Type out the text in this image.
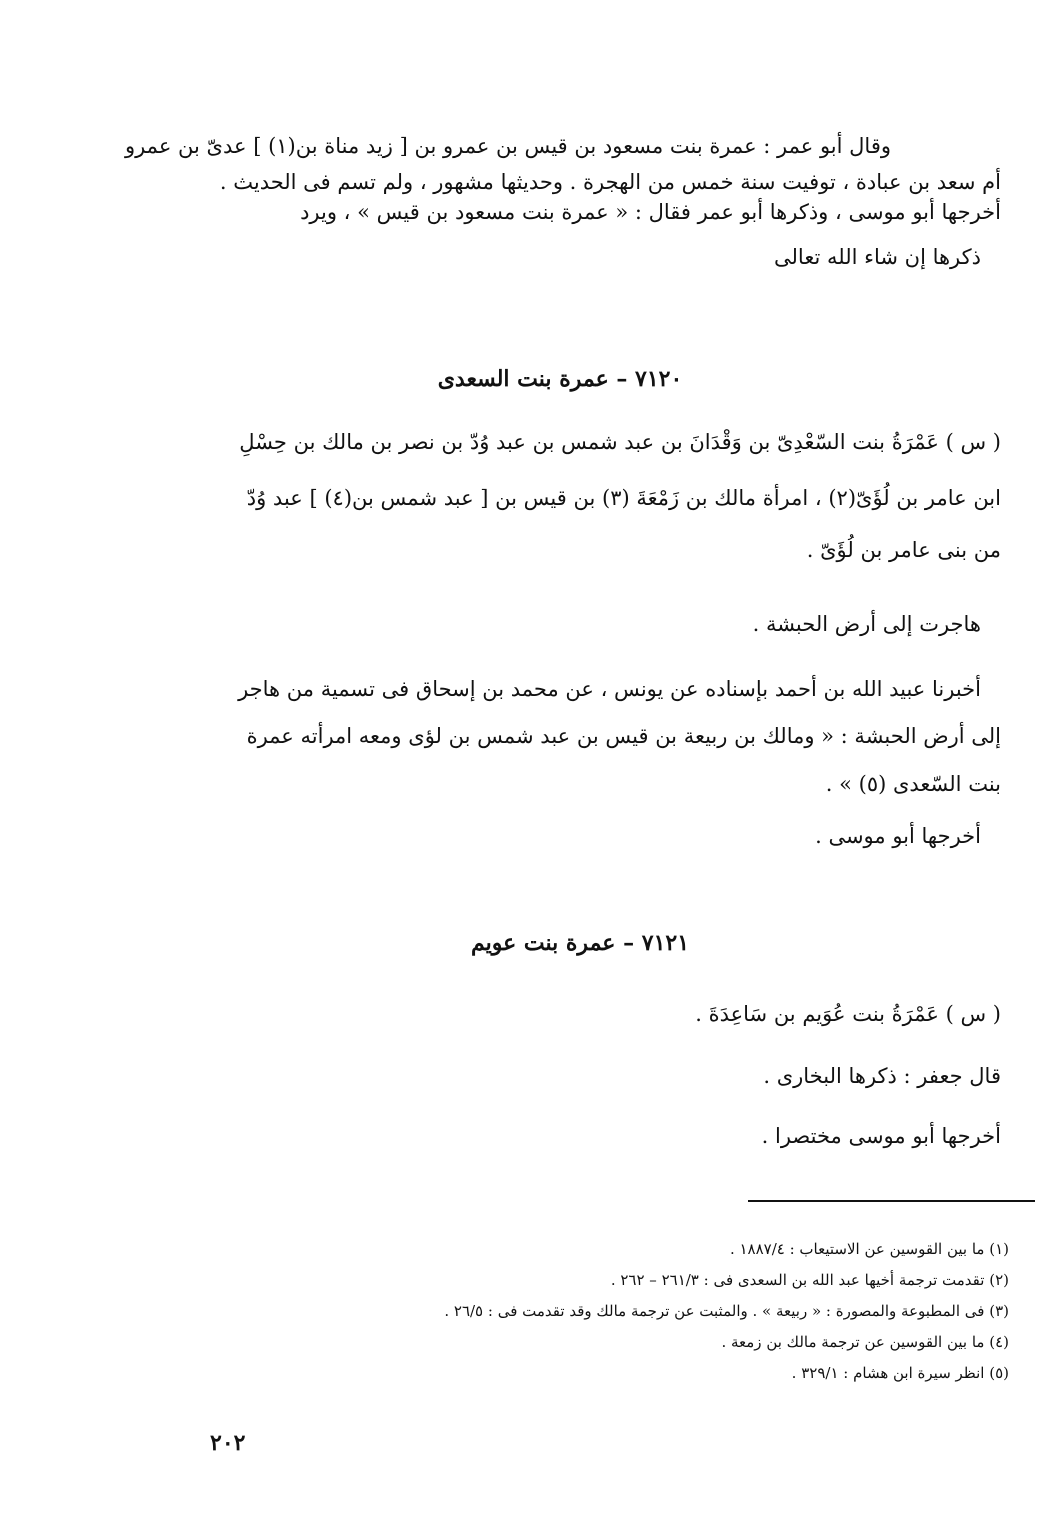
وقال أبو عمر : عمرة بنت مسعود بن قيس بن عمرو بن [ زيد مناة بن(١) ] عدىّ بن عمرو
أم سعد بن عبادة ، توفيت سنة خمس من الهجرة . وحديثها مشهور ، ولم تسم فى الحديث .
أخرجها أبو موسى ، وذكرها أبو عمر فقال : « عمرة بنت مسعود بن قيس » ، ويرد
ذكرها إن شاء الله تعالى
٧١٢٠ – عمرة بنت السعدى
( س ) عَمْرَةُ بنت السّعْدِىّ بن وَقْدَانَ بن عبد شمس بن عبد وُدّ بن نصر بن مالك بن حِسْلِ
ابن عامر بن لُؤَىّ(٢) ، امرأة مالك بن زَمْعَةَ (٣) بن قيس بن [ عبد شمس بن(٤) ] عبد وُدّ
من بنى عامر بن لُؤَىّ .
هاجرت إلى أرض الحبشة .
أخبرنا عبيد الله بن أحمد بإسناده عن يونس ، عن محمد بن إسحاق فى تسمية من هاجر
إلى أرض الحبشة : « ومالك بن ربيعة بن قيس بن عبد شمس بن لؤى ومعه امرأته عمرة
بنت السّعدى (٥) » .
أخرجها أبو موسى .
٧١٢١ – عمرة بنت عويم
( س ) عَمْرَةُ بنت عُوَيم بن سَاعِدَةَ .
قال جعفر : ذكرها البخارى .
أخرجها أبو موسى مختصرا .
(١) ما بين القوسين عن الاستيعاب : ١٨٨٧/٤ .
(٢) تقدمت ترجمة أخيها عبد الله بن السعدى فى : ٢٦١/٣ – ٢٦٢ .
(٣) فى المطبوعة والمصورة : « ربيعة » . والمثبت عن ترجمة مالك وقد تقدمت فى : ٢٦/٥ .
(٤) ما بين القوسين عن ترجمة مالك بن زمعة .
(٥) انظر سيرة ابن هشام : ٣٢٩/١ .
٢٠٢
